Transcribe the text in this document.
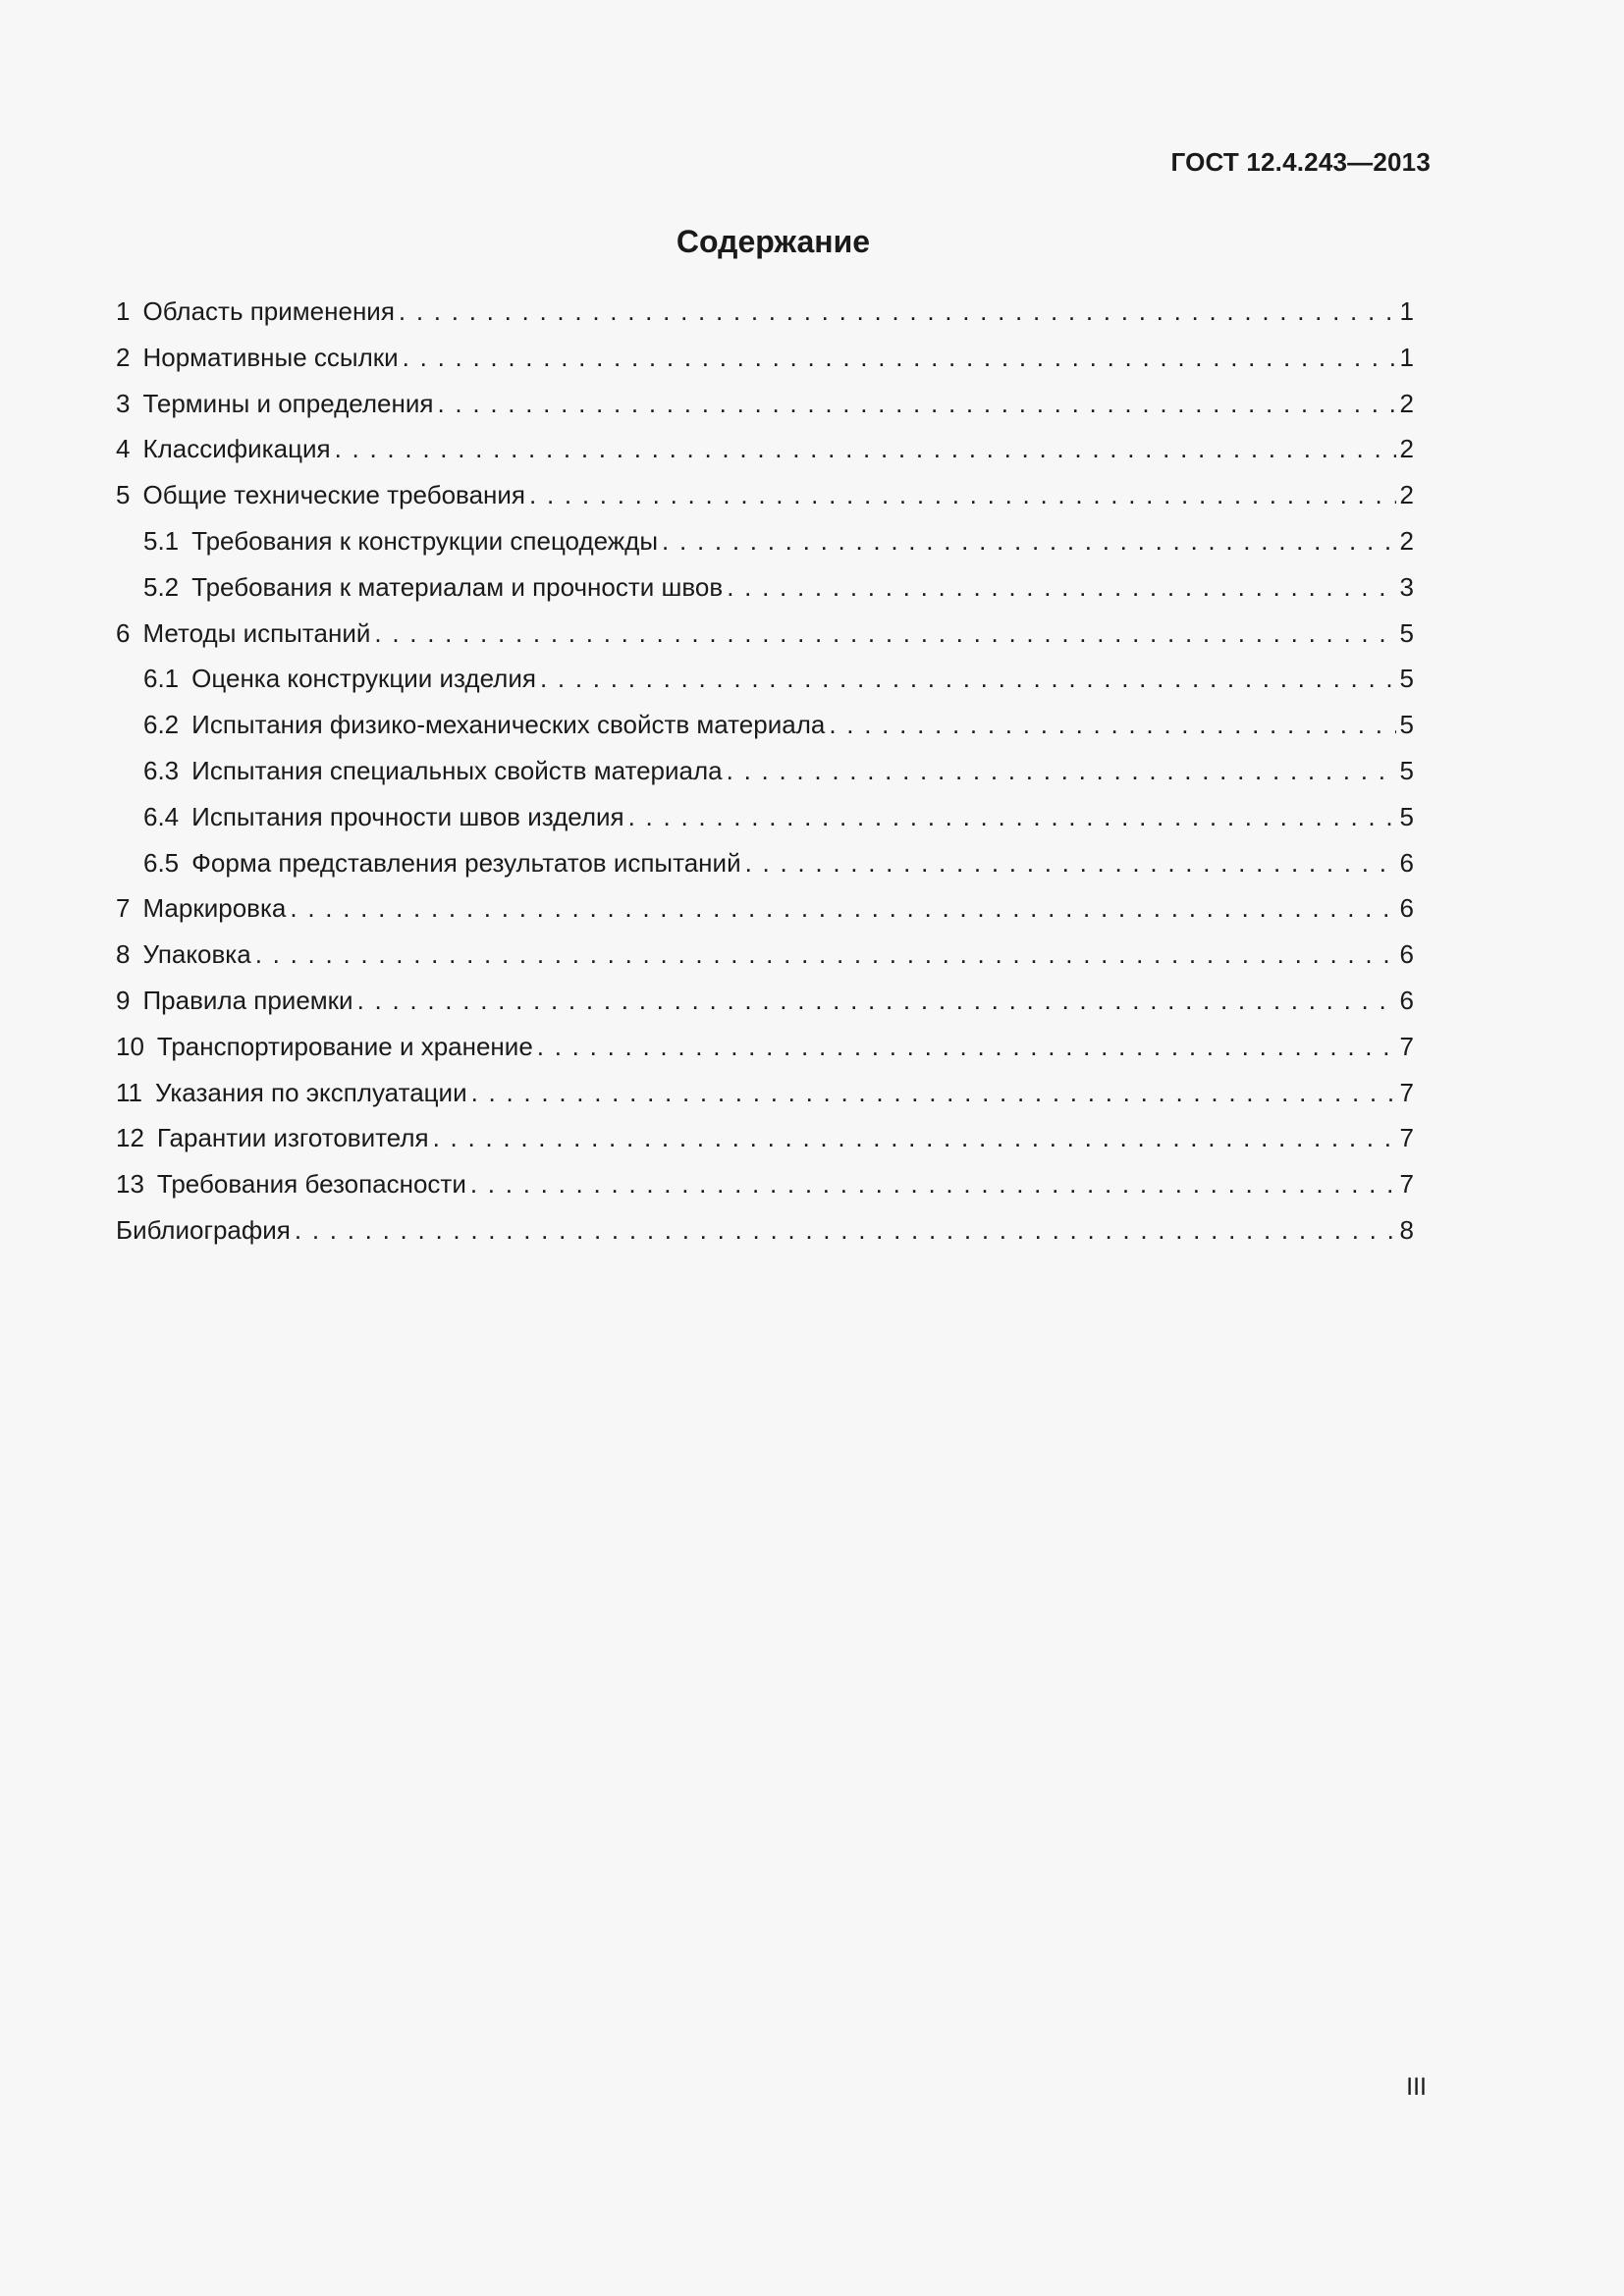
ГОСТ 12.4.243—2013
Содержание
1 Область применения . . .	1
2 Нормативные ссылки . . .	1
3 Термины и определения . . .	2
4 Классификация . . .	2
5 Общие технические требования . . .	2
5.1 Требования к конструкции спецодежды . . .	2
5.2 Требования к материалам и прочности швов . . .	3
6 Методы испытаний . . .	5
6.1 Оценка конструкции изделия . . .	5
6.2 Испытания физико-механических свойств материала . . .	5
6.3 Испытания специальных свойств материала . . .	5
6.4 Испытания прочности швов изделия . . .	5
6.5 Форма представления результатов испытаний . . .	6
7 Маркировка . . .	6
8 Упаковка . . .	6
9 Правила приемки . . .	6
10 Транспортирование и хранение . . .	7
11 Указания по эксплуатации . . .	7
12 Гарантии изготовителя . . .	7
13 Требования безопасности . . .	7
Библиография . . .	8
III
